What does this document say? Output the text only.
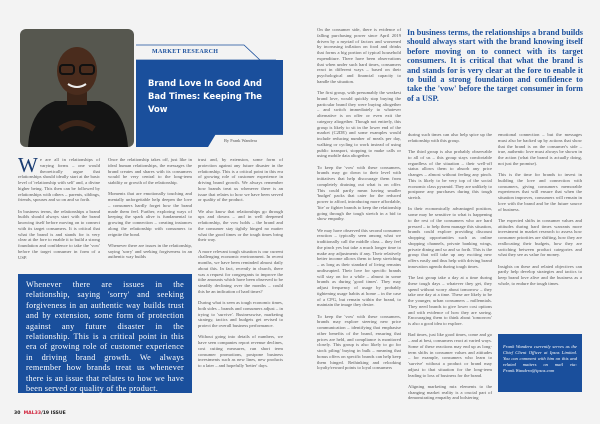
MARKET RESEARCH
Brand Love In Good And Bad Times: Keeping The Vow
By Frank Wandera

We are all in relationships of varying forms – one would theoretically argue that relationships should ideally start at the basic level of 'relationship with self' and, a divine higher being. This then can be followed by relationships with others – parents, siblings, friends, spouses and so on and so forth.

In business terms, the relationships a brand builds should always start with the brand knowing itself before moving on to connect with its target consumers. It is critical that what the brand is and stands for is very clear at the fore to enable it to build a strong foundation and confidence to take the 'vow' before the target consumer in form of a USP.

Once the relationship takes off, just like in ideal human relationships, the messages the brand creates and shares with its consumers would be very central to the long-term stability or growth of the relationship.

Moments that are emotionally touching and mentally unforgettable help deepen the love – consumers hardly forget how the brand made them feel. Further, exploring ways of keeping the spark alive is fundamental to growing the connection – creating instances along the relationship with consumers to reignite the bond.

Whenever there are issues in the relationship, saying 'sorry' and seeking forgiveness in an authentic way builds

trust and, by extension, some form of protection against any future disaster in the relationship. This is a critical point in this era of growing role of customer experience in driving brand growth. We always remember how brands treat us whenever there is an issue that relates to how we have been served or quality of the product.

We also know that relationships go through ups and downs – and in well deepened relationship, the vow holds – the brand and the consumer stay tightly hinged no matter what the good times or the tough times bring their way.

A more relevant tough situation is our current challenging economic environment. In recent months, we have been reminded almost daily about this. In fact, recently in church, there was a request for congregants to improve the tithe amounts which have been observed to be steadily declining over the months – could this be an indication of hard times?

During what is seen as tough economic times, both sides – brands and consumers adjust – in trying to 'survive'. Businesswise, marketing strategy, tactics and budgets get revised to protect the overall business performance.

Without going into details of numbers, we have seen companies report revenue declines, cost cutting measures, run short term consumer promotions, postpone business investments such as new lines, new products to a later – and hopefully 'better' days.

Whenever there are issues in the relationship, saying 'sorry' and seeking forgiveness in an authentic way builds trust and by extension, some form of protection against any future disaster in the relationship. This is a critical point in this era of growing role of customer experience in driving brand growth. We always remember how brands treat us whenever there is an issue that relates to how we have been served or quality of the product.

30 MAL33/19 ISSUE

On the consumer side, there is evidence of falling purchasing power since April 2019 driven by a myriad of factors and worsened by increasing inflation on food and drinks that forms a big portion of typical household expenditure. There have been observations that when under such hard times, consumers react in different ways – based on their psychological and financial capacity to handle the situation.

The first group, with presumably the weakest brand love, would quickly stop buying the particular brand they were buying altogether – and switch immediately to whatever alternative is on offer or even exit the category altogether. Though not entirely, this group is likely to sit in the lower end of the market (C2DE) and some examples would include reducing number of meals per day, walking or cycling to work instead of using public transport, stopping to make calls or using mobile data altogether.

To keep the 'vow' with these consumers, brands may go down to their level with initiatives that help discourage them from completely draining out what is on offer. This could partly mean having smaller 'budget' packs that cater for the reduced power to afford, introducing more affordable, 'lite' or fighter brands to keep the relationship going through the tough stretch in a bid to show empathy.

We may have observed this second consumer reaction – typically seen among what we traditionally call the middle class – they feel the pinch yes but take a much longer time to make any adjustments if any. Their relatively better income allows them to keep stretching – as long as their standard of living remains undisrupted. Their love for specific brands will stay on for a while – almost in some brands as during 'good times'. They may adjust frequency of usage by probably tightening usage habits at home – in the case of a CPG, but remain within the brand, to maintain the image they desire.

To keep the 'vow' with these consumers, brands may explore steering new price communication – identifying that emphasise other benefits of the brand, ensuring that prices are held, and compliance is monitored closely. This group is also likely to go for stock piling/ buying in bulk – meaning that bonus offers on specific brands can help keep them hinged. Rethinking and relooking loyalty/reward points to loyal consumers

In business terms, the relationships a brand builds should always start with the brand knowing itself before moving on to connect with its target consumers. It is critical that what the brand is and stands for is very clear at the fore to enable it to build a strong foundation and confidence to take the 'vow' before the target consumer in form of a USP.

during such times can also help spice up the relationship with this group.

The third group is also probably observable to all of us – this group stays comfortable regardless of the situation – their well-off status allows them to absorb any price changes – almost without feeling any pinch. This is likely to be very top of the social economic class pyramid. They are unlikely to postpone any purchases during this tough stretch.

In their economically advantaged position, some may be sensitive to what is happening to the rest of the consumers who are hard pressed – to help them manage this situation, brands could explore providing discount shopping opportunities such as online shopping channels, private banking wings, private dining and so and so forth. This is the group that will take up any exciting new offers easily and thus help with driving brand innovation agenda during tough times.

The last group take a day at a time during these tough days – whatever they get, they spend without worry about tomorrow – they take one day at a time. These are likely to be the younger, urban consumers – millennials. They need brands to give lower cost options and with evidence of how they are saving. Encouraging them to think about 'tomorrow' is also a good idea to explore.

Bad times, just like good times, come and go – and at best, consumers react at varied ways. Some of these reactions may end up as long-term shifts in consumer values and attitudes – for example, consumers who learn to 'survive' without a product or brand may adjust to that situation for the long-term leading to loss of business for the brand.

Aligning marketing mix elements to the changing market reality is a crucial part of demonstrating empathy and bolstering

emotional connection – but the messages must also be backed up by actions that show that the brand is on the consumer's side – true, authentic love must always be shown in the action (what the brand is actually doing, not just the promise).

This is the time for brands to invest in building the love and connection with consumers, giving consumers memorable experiences that will ensure that when the situation improves, consumers will remain in love with the brand and be the future source of business.

The expected shifts in consumer values and attitudes during hard times warrants more investment in market research to assess how consumer priorities are shifting, how they are reallocating their budgets, how they are switching between product categories and what they see as value for money.

Insights on these and related objectives can partly help develop strategies and tactics to keep brand love alive and the business as a whole, to endure the tough times.

Frank Wandera currently serves as the Chief Client Officer at Ipsos Limited. You can comment with him on this and related matters on mail via: Frank.Wandera@ipsos.com
